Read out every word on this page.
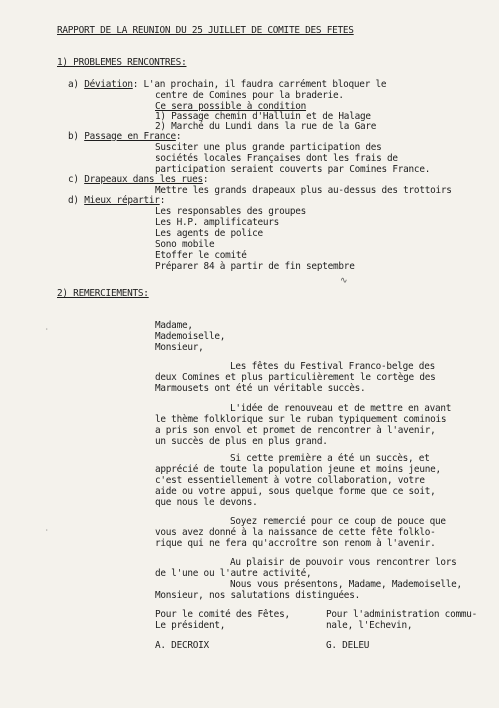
RAPPORT DE LA REUNION DU 25 JUILLET DE COMITE DES FETES
1) PROBLEMES RENCONTRES:
a) Déviation: L'an prochain, il faudra carrément bloquer le
centre de Comines pour la braderie.
Ce sera possible à condition
1) Passage chemin d'Halluin et de Halage
2) Marché du Lundi dans la rue de la Gare
b) Passage en France:
Susciter une plus grande participation des
sociétés locales Françaises dont les frais de
participation seraient couverts par Comines France.
c) Drapeaux dans les rues:
Mettre les grands drapeaux plus au-dessus des trottoirs
d) Mieux répartir:
Les responsables des groupes
Les H.P. amplificateurs
Les agents de police
Sono mobile
Etoffer le comité
Préparer 84 à partir de fin septembre
∿
2) REMERCIEMENTS:
Madame,
Mademoiselle,
Monsieur,
Les fêtes du Festival Franco-belge des
deux Comines et plus particulièrement le cortège des
Marmousets ont été un véritable succès.
L'idée de renouveau et de mettre en avant
le thème folklorique sur le ruban typiquement cominois
a pris son envol et promet de rencontrer à l'avenir,
un succès de plus en plus grand.
Si cette première a été un succès, et
apprécié de toute la population jeune et moins jeune,
c'est essentiellement à votre collaboration, votre
aide ou votre appui, sous quelque forme que ce soit,
que nous le devons.
Soyez remercié pour ce coup de pouce que
vous avez donné à la naissance de cette fête folklo-
rique qui ne fera qu'accroître son renom à l'avenir.
Au plaisir de pouvoir vous rencontrer lors
de l'une ou l'autre activité,
Nous vous présentons, Madame, Mademoiselle,
Monsieur, nos salutations distinguées.
Pour le comité des Fêtes,
Le président,
Pour l'administration commu-
nale, l'Echevin,
A. DECROIX	G. DELEU
·
·
